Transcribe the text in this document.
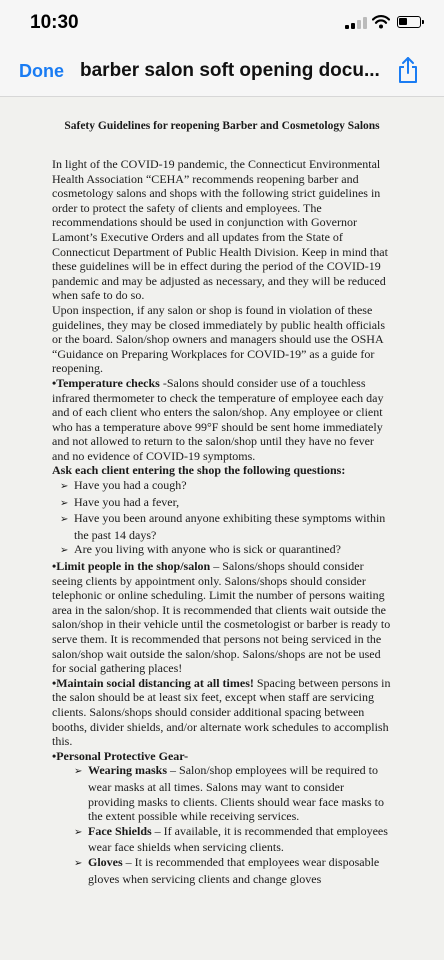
10:30
Done barber salon soft opening docu...
Safety Guidelines for reopening Barber and Cosmetology Salons

In light of the COVID-19 pandemic, the Connecticut Environmental Health Association “CEHA” recommends reopening barber and cosmetology salons and shops with the following strict guidelines in order to protect the safety of clients and employees. The recommendations should be used in conjunction with Governor Lamont’s Executive Orders and all updates from the State of Connecticut Department of Public Health Division. Keep in mind that these guidelines will be in effect during the period of the COVID-19 pandemic and may be adjusted as necessary, and they will be reduced when safe to do so.

Upon inspection, if any salon or shop is found in violation of these guidelines, they may be closed immediately by public health officials or the board. Salon/shop owners and managers should use the OSHA “Guidance on Preparing Workplaces for COVID-19” as a guide for reopening.

• Temperature checks -Salons should consider use of a touchless infrared thermometer to check the temperature of employee each day and of each client who enters the salon/shop. Any employee or client who has a temperature above 99°F should be sent home immediately and not allowed to return to the salon/shop until they have no fever and no evidence of COVID-19 symptoms.

Ask each client entering the shop the following questions:

➢ Have you had a cough?

➢ Have you had a fever,

➢ Have you been around anyone exhibiting these symptoms within the past 14 days?

➢ Are you living with anyone who is sick or quarantined?

• Limit people in the shop/salon – Salons/shops should consider seeing clients by appointment only. Salons/shops should consider telephonic or online scheduling. Limit the number of persons waiting area in the salon/shop. It is recommended that clients wait outside the salon/shop in their vehicle until the cosmetologist or barber is ready to serve them. It is recommended that persons not being serviced in the salon/shop wait outside the salon/shop. Salons/shops are not be used for social gathering places!

• Maintain social distancing at all times! Spacing between persons in the salon should be at least six feet, except when staff are servicing clients. Salons/shops should consider additional spacing between booths, divider shields, and/or alternate work schedules to accomplish this.

• Personal Protective Gear-

➢ Wearing masks – Salon/shop employees will be required to wear masks at all times. Salons may want to consider providing masks to clients. Clients should wear face masks to the extent possible while receiving services.

➢ Face Shields – If available, it is recommended that employees wear face shields when servicing clients.

➢ Gloves – It is recommended that employees wear disposable gloves when servicing clients and change gloves
